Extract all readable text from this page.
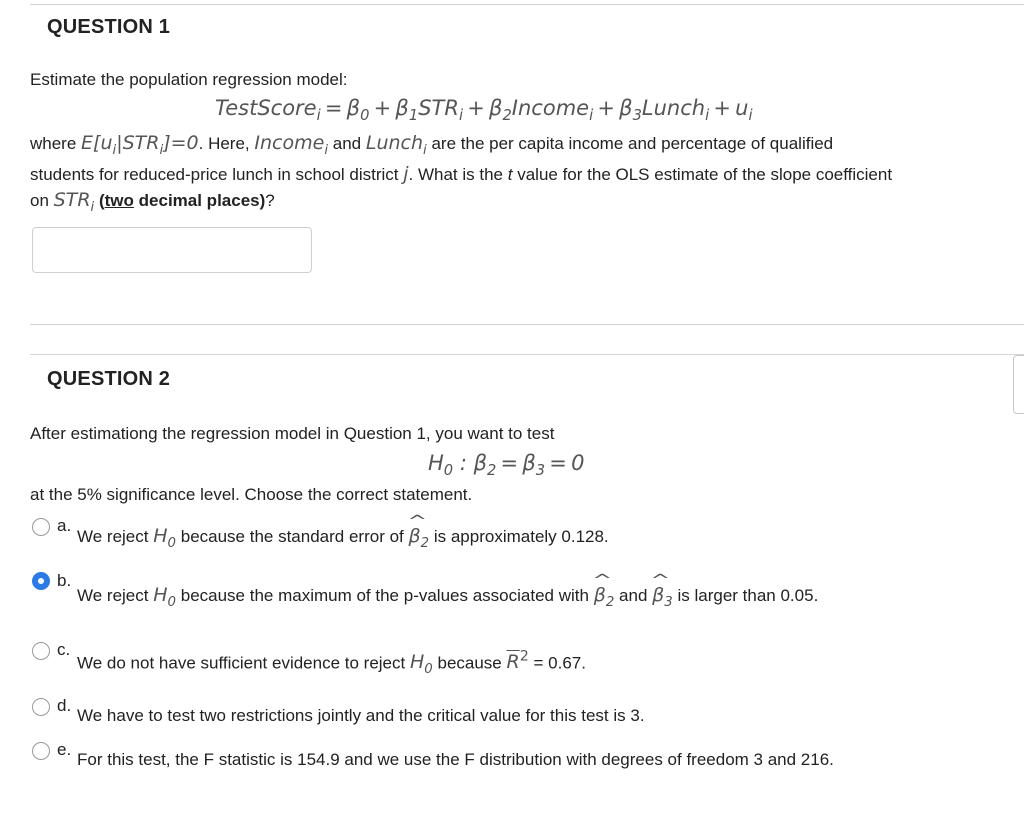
QUESTION 1
Estimate the population regression model:
TestScore$_i$ = $\beta_0 + \beta_1STR_i$ + $\beta_2Income_i$ + $\beta_3Lunch_i + u_i$
where $E[u_i|STR_i]=0$. Here, Income$_i$ and Lunch$_i$ are the per capita income and percentage of qualified
students for reduced-price lunch in school district j. What is the t value for the OLS estimate of the slope coefficient
on $STR_i$ (two decimal places)?
QUESTION 2
After estimationg the regression model in Question 1, you want to test
$H_0$ : $\beta_2 = \beta_3 = 0$
at the 5% significance level. Choose the correct statement.
a.
We reject $H_0$ because the standard error of ^ $\beta_2$ is approximately 0.128.
b.
We reject $H_0$ because the maximum of the p-values associated with ^ $\beta_2$ and ^ $\beta_3$ is larger than 0.05.
c.
We do not have sufficient evidence to reject $H_0$ because $\overline{R}^2 = 0.67$.
d.
We have to test two restrictions jointly and the critical value for this test is 3.
e.
For this test, the F statistic is 154.9 and we use the F distribution with degrees of freedom 3 and 216.
